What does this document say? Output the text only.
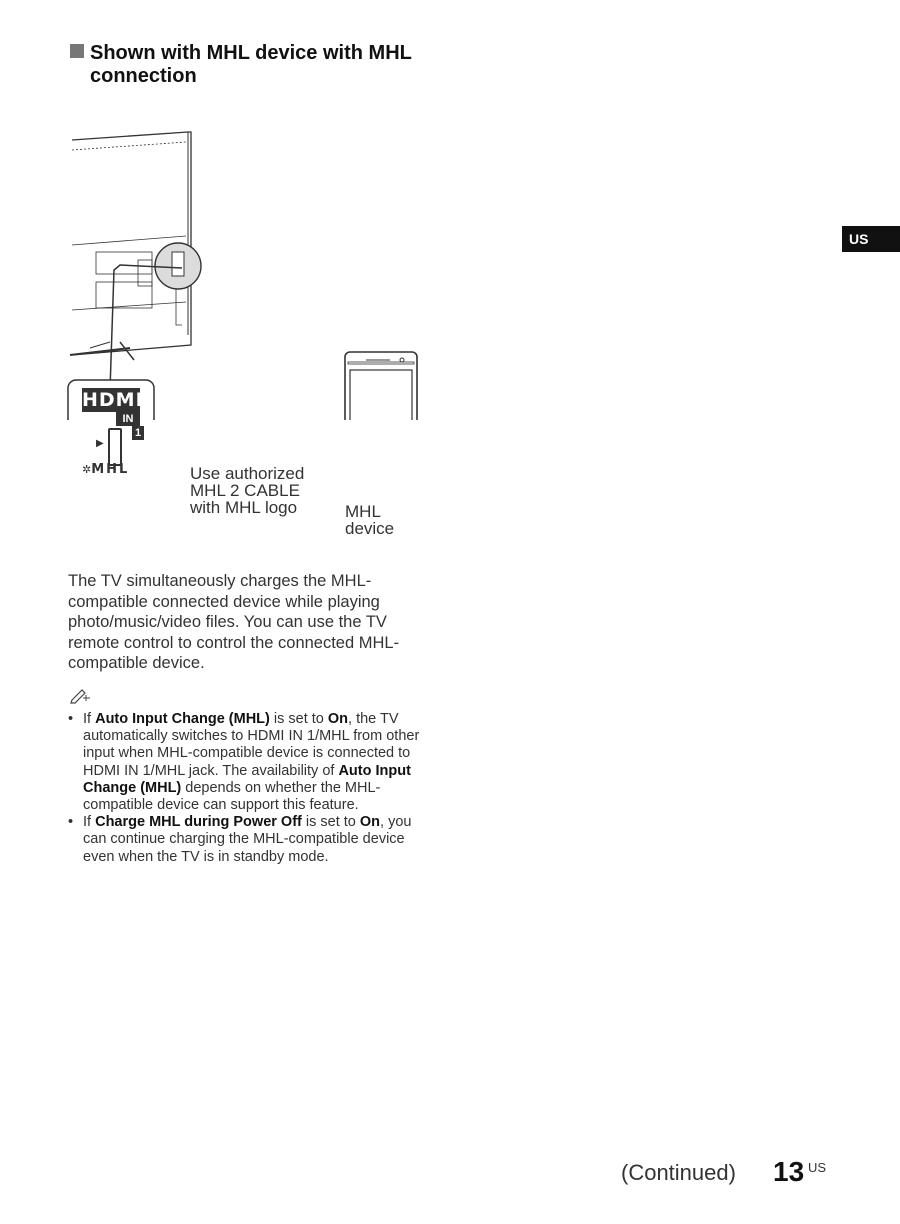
Shown with MHL device with MHL
connection
US
HDMI
IN
▶
1
✲MHL	Use authorized
MHL 2 CABLE
with MHL logo	MHL
device
The TV simultaneously charges the MHL-compatible connected device while playing photo/music/video files. You can use the TV remote control to control the connected MHL-compatible device.
• If Auto Input Change (MHL) is set to On, the TV automatically switches to HDMI IN 1/MHL from other input when MHL-compatible device is connected to HDMI IN 1/MHL jack. The availability of Auto Input Change (MHL) depends on whether the MHL-compatible device can support this feature.
• If Charge MHL during Power Off is set to On, you can continue charging the MHL-compatible device even when the TV is in standby mode.
(Continued) 13 US
